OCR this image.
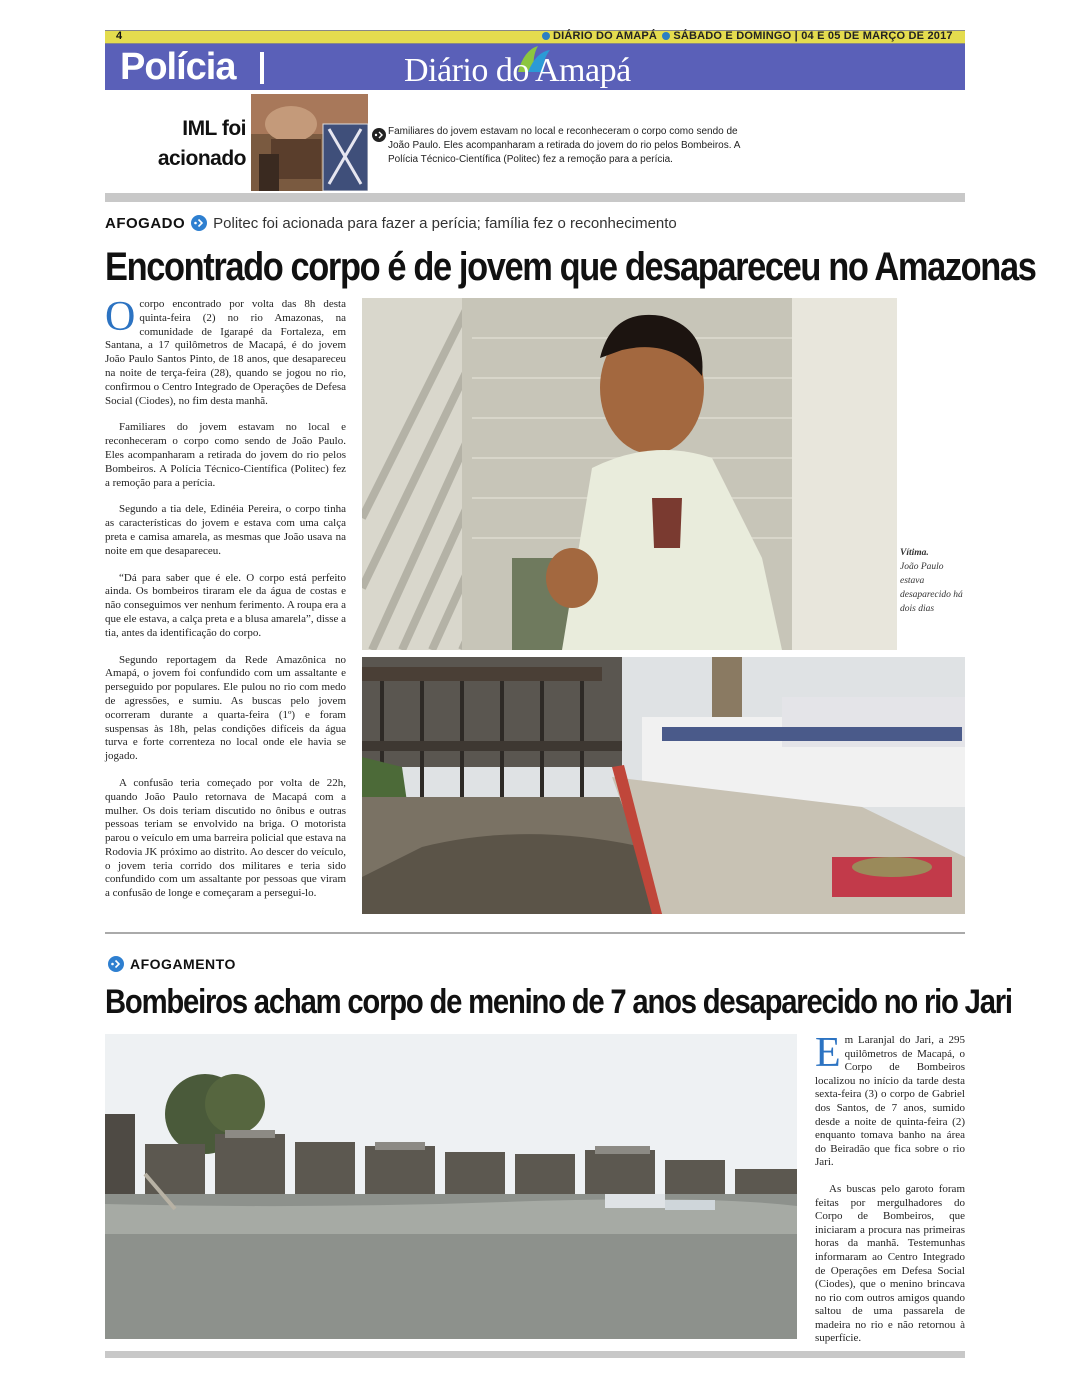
4	DIÁRIO DO AMAPÁ SÁBADO E DOMINGO | 04 E 05 DE MARÇO DE 2017
Polícia	Diário do Amapá
IML foi
acionado
Familiares do jovem estavam no local e reconheceram o corpo como sendo de João Paulo. Eles acompanharam a retirada do jovem do rio pelos Bombeiros. A Polícia Técnico-Científica (Politec) fez a remoção para a perícia.
AFOGADO Politec foi acionada para fazer a perícia; família fez o reconhecimento
Encontrado corpo é de jovem que desapareceu no Amazonas

Ocorpo encontrado por volta das 8h desta quinta-feira (2) no rio Amazonas, na comunidade de Igarapé da Fortaleza, em Santana, a 17 quilômetros de Macapá, é do jovem João Paulo Santos Pinto, de 18 anos, que desapareceu na noite de terça-feira (28), quando se jogou no rio, confirmou o Centro Integrado de Operações de Defesa Social (Ciodes), no fim desta manhã.

Familiares do jovem estavam no local e reconheceram o corpo como sendo de João Paulo. Eles acompanharam a retirada do jovem do rio pelos Bombeiros. A Polícia Técnico-Científica (Politec) fez a remoção para a perícia.

Segundo a tia dele, Edinéia Pereira, o corpo tinha as características do jovem e estava com uma calça preta e camisa amarela, as mesmas que João usava na noite em que desapareceu.

“Dá para saber que é ele. O corpo está perfeito ainda. Os bombeiros tiraram ele da água de costas e não conseguimos ver nenhum ferimento. A roupa era a que ele estava, a calça preta e a blusa amarela”, disse a tia, antes da identificação do corpo.

Segundo reportagem da Rede Amazônica no Amapá, o jovem foi confundido com um assaltante e perseguido por populares. Ele pulou no rio com medo de agressões, e sumiu. As buscas pelo jovem ocorreram durante a quarta-feira (1º) e foram suspensas às 18h, pelas condições difíceis da água turva e forte correnteza no local onde ele havia se jogado.

A confusão teria começado por volta de 22h, quando João Paulo retornava de Macapá com a mulher. Os dois teriam discutido no ônibus e outras pessoas teriam se envolvido na briga. O motorista parou o veículo em uma barreira policial que estava na Rodovia JK próximo ao distrito. Ao descer do veículo, o jovem teria corrido dos militares e teria sido confundido com um assaltante por pessoas que viram a confusão de longe e começaram a persegui-lo.

Vítima.
João Paulo estava desaparecido há dois dias
AFOGAMENTO
Bombeiros acham corpo de menino de 7 anos desaparecido no rio Jari

Em Laranjal do Jari, a 295 quilômetros de Macapá, o Corpo de Bombeiros localizou no início da tarde desta sexta-feira (3) o corpo de Gabriel dos Santos, de 7 anos, sumido desde a noite de quinta-feira (2) enquanto tomava banho na área do Beiradão que fica sobre o rio Jari.

As buscas pelo garoto foram feitas por mergulhadores do Corpo de Bombeiros, que iniciaram a procura nas primeiras horas da manhã. Testemunhas informaram ao Centro Integrado de Operações em Defesa Social (Ciodes), que o menino brincava no rio com outros amigos quando saltou de uma passarela de madeira no rio e não retornou à superfície.
